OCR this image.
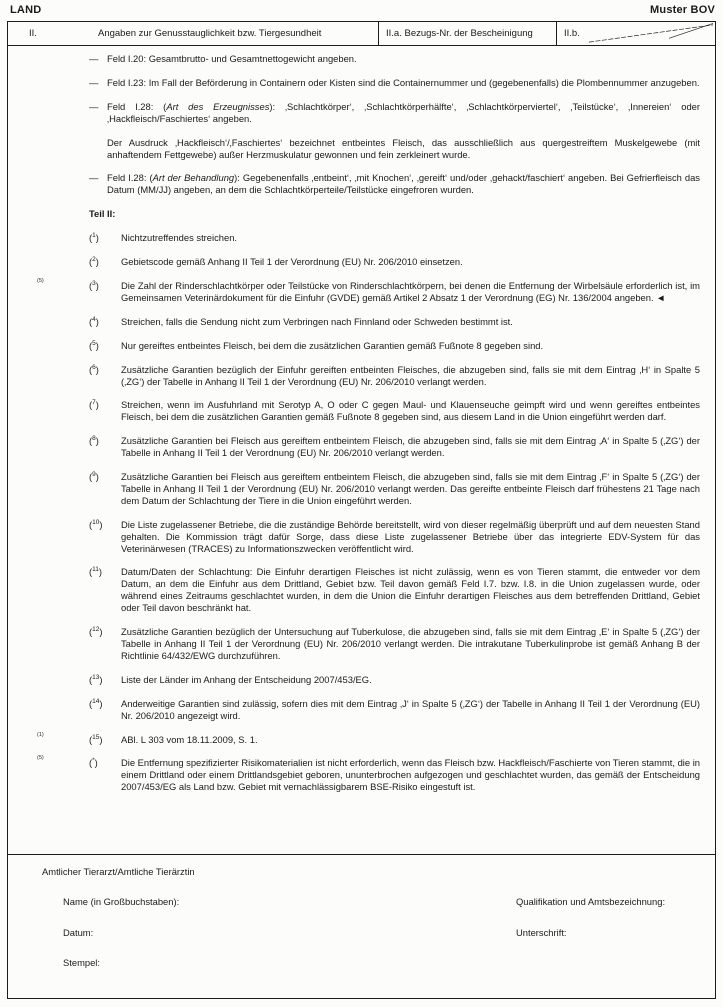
LAND	Muster BOV
II.	Angaben zur Genusstauglichkeit bzw. Tiergesundheit	II.a. Bezugs-Nr. der Bescheinigung	II.b.
— Feld I.20: Gesamtbrutto- und Gesamtnettogewicht angeben.
— Feld I.23: Im Fall der Beförderung in Containern oder Kisten sind die Containernummer und (gegebenenfalls) die Plombennummer anzugeben.
— Feld I.28: (Art des Erzeugnisses): ‚Schlachtkörper‘, ‚Schlachtkörperhälfte‘, ‚Schlachtkörperviertel‘, ‚Teilstücke‘, ‚Innereien‘ oder ‚Hackfleisch/Faschiertes‘ angeben.
Der Ausdruck ‚Hackfleisch‘/‚Faschiertes‘ bezeichnet entbeintes Fleisch, das ausschließlich aus quergestreiftem Muskelgewebe (mit anhaftendem Fettgewebe) außer Herzmuskulatur gewonnen und fein zerkleinert wurde.
— Feld I.28: (Art der Behandlung): Gegebenenfalls ‚entbeint‘, ‚mit Knochen‘, ‚gereift‘ und/oder ‚gehackt/faschiert‘ angeben. Bei Gefrierfleisch das Datum (MM/JJ) angeben, an dem die Schlachtkörperteile/Teilstücke eingefroren wurden.
Teil II:
($^1$)	Nichtzutreffendes streichen.
($^2$)	Gebietscode gemäß Anhang II Teil 1 der Verordnung (EU) Nr. 206/2010 einsetzen.
(5)	($^3$)	Die Zahl der Rinderschlachtkörper oder Teilstücke von Rinderschlachtkörpern, bei denen die Entfernung der Wirbelsäule erforderlich ist, im Gemeinsamen Veterinärdokument für die Einfuhr (GVDE) gemäß Artikel 2 Absatz 1 der Verordnung (EG) Nr. 136/2004 angeben. ◄
($^4$)	Streichen, falls die Sendung nicht zum Verbringen nach Finnland oder Schweden bestimmt ist.
($^5$)	Nur gereiftes entbeintes Fleisch, bei dem die zusätzlichen Garantien gemäß Fußnote 8 gegeben sind.
($^6$)	Zusätzliche Garantien bezüglich der Einfuhr gereiften entbeinten Fleisches, die abzugeben sind, falls sie mit dem Eintrag ‚H‘ in Spalte 5 (‚ZG‘) der Tabelle in Anhang II Teil 1 der Verordnung (EU) Nr. 206/2010 verlangt werden.
($^7$)	Streichen, wenn im Ausfuhrland mit Serotyp A, O oder C gegen Maul- und Klauenseuche geimpft wird und wenn gereiftes entbeintes Fleisch, bei dem die zusätzlichen Garantien gemäß Fußnote 8 gegeben sind, aus diesem Land in die Union eingeführt werden darf.
($^8$)	Zusätzliche Garantien bei Fleisch aus gereiftem entbeintem Fleisch, die abzugeben sind, falls sie mit dem Eintrag ‚A‘ in Spalte 5 (‚ZG‘) der Tabelle in Anhang II Teil 1 der Verordnung (EU) Nr. 206/2010 verlangt werden.
($^9$)	Zusätzliche Garantien bei Fleisch aus gereiftem entbeintem Fleisch, die abzugeben sind, falls sie mit dem Eintrag ‚F‘ in Spalte 5 (‚ZG‘) der Tabelle in Anhang II Teil 1 der Verordnung (EU) Nr. 206/2010 verlangt werden. Das gereifte entbeinte Fleisch darf frühestens 21 Tage nach dem Datum der Schlachtung der Tiere in die Union eingeführt werden.
($^{10}$)	Die Liste zugelassener Betriebe, die die zuständige Behörde bereitstellt, wird von dieser regelmäßig überprüft und auf dem neuesten Stand gehalten. Die Kommission trägt dafür Sorge, dass diese Liste zugelassener Betriebe über das integrierte EDV-System für das Veterinärwesen (TRACES) zu Informationszwecken veröffentlicht wird.
($^{11}$)	Datum/Daten der Schlachtung: Die Einfuhr derartigen Fleisches ist nicht zulässig, wenn es von Tieren stammt, die entweder vor dem Datum, an dem die Einfuhr aus dem Drittland, Gebiet bzw. Teil davon gemäß Feld I.7. bzw. I.8. in die Union zugelassen wurde, oder während eines Zeitraums geschlachtet wurden, in dem die Union die Einfuhr derartigen Fleisches aus dem betreffenden Drittland, Gebiet oder Teil davon beschränkt hat.
($^{12}$)	Zusätzliche Garantien bezüglich der Untersuchung auf Tuberkulose, die abzugeben sind, falls sie mit dem Eintrag ‚E‘ in Spalte 5 (‚ZG‘) der Tabelle in Anhang II Teil 1 der Verordnung (EU) Nr. 206/2010 verlangt werden. Die intrakutane Tuberkulinprobe ist gemäß Anhang B der Richtlinie 64/432/EWG durchzuführen.
($^{13}$)	Liste der Länder im Anhang der Entscheidung 2007/453/EG.
($^{14}$)	Anderweitige Garantien sind zulässig, sofern dies mit dem Eintrag ‚J‘ in Spalte 5 (‚ZG‘) der Tabelle in Anhang II Teil 1 der Verordnung (EU) Nr. 206/2010 angezeigt wird.
(1)	($^{15}$)	ABl. L 303 vom 18.11.2009, S. 1.
(5)	(*)	Die Entfernung spezifizierter Risikomaterialien ist nicht erforderlich, wenn das Fleisch bzw. Hackfleisch/Faschierte von Tieren stammt, die in einem Drittland oder einem Drittlandsgebiet geboren, ununterbrochen aufgezogen und geschlachtet wurden, das gemäß der Entscheidung 2007/453/EG als Land bzw. Gebiet mit vernachlässigbarem BSE-Risiko eingestuft ist.
Amtlicher Tierarzt/Amtliche Tierärztin
Name (in Großbuchstaben):	Qualifikation und Amtsbezeichnung:
Datum:	Unterschrift:
Stempel:
